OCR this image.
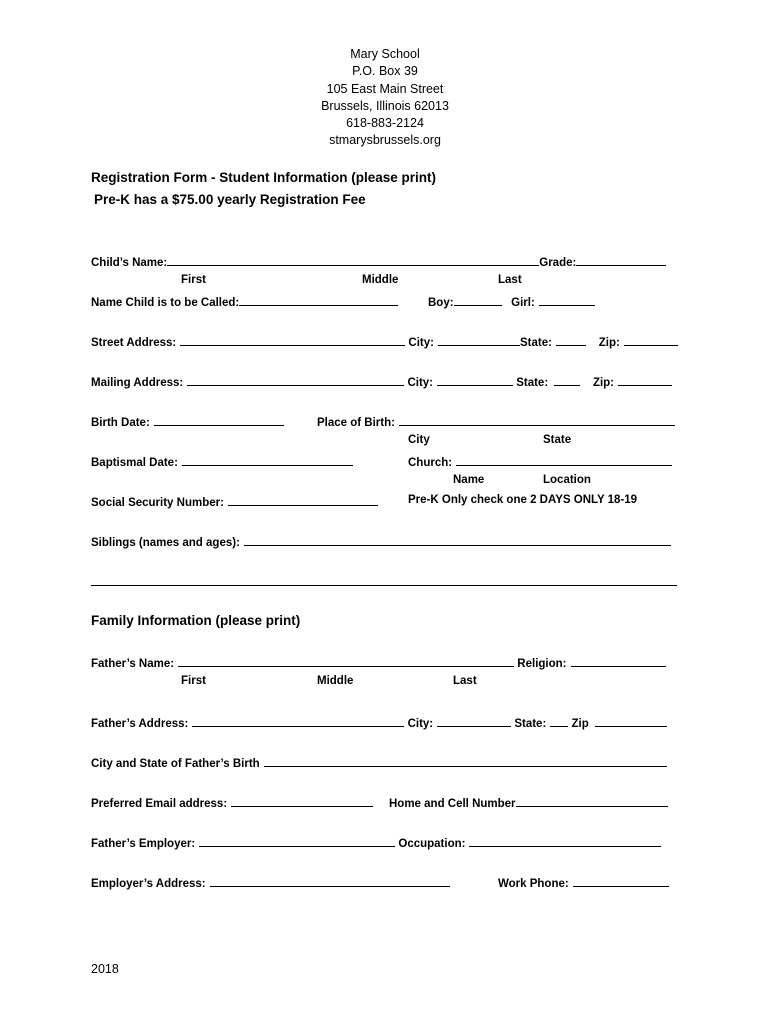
Mary School
P.O. Box 39
105 East Main Street
Brussels, Illinois 62013
618-883-2124
stmarysbrussels.org
Registration Form - Student Information (please print)
Pre-K has a $75.00 yearly Registration Fee
Child’s Name:	Grade:
First	Middle	Last
Name Child is to be Called:	Boy:	Girl:
Street Address:	City:	State:	Zip:
Mailing Address:	City:	State:	Zip:
Birth Date:	Place of Birth:
City	State
Baptismal Date:	Church:
Name	Location
Social Security Number:	Pre-K Only check one 2 DAYS ONLY 18-19
Siblings (names and ages):
Family Information (please print)
Father’s Name:	Religion:
First	Middle	Last
Father’s Address:	City:	State: Zip
City and State of Father’s Birth
Preferred Email address:	Home and Cell Number
Father’s Employer:	Occupation:
Employer’s Address:	Work Phone:
2018
